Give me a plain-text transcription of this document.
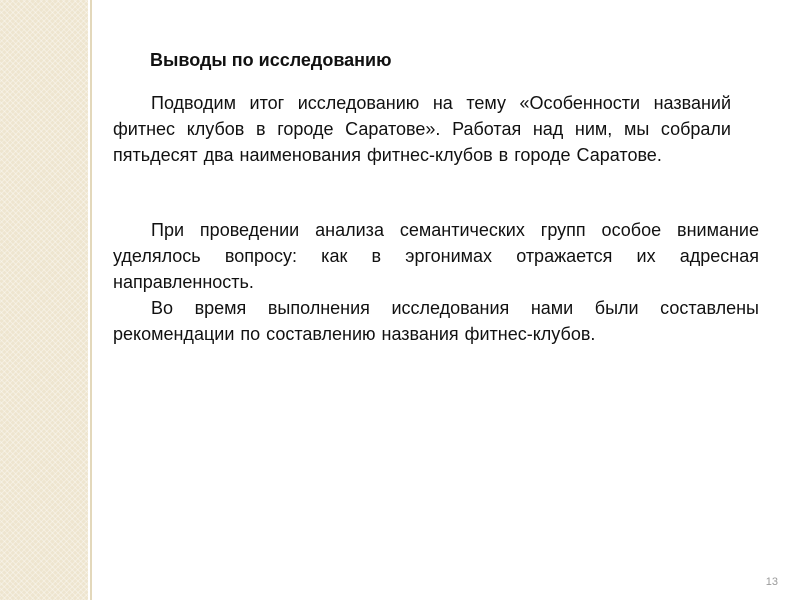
Выводы по исследованию

Подводим итог исследованию на тему «Особенности названий фитнес клубов в городе Саратове». Работая над ним, мы собрали пятьдесят два наименования фитнес-клубов в городе Саратове.

При проведении анализа семантических групп особое внимание уделялось вопросу: как в эргонимах отражается их адресная направленность.

Во время выполнения исследования нами были составлены рекомендации по составлению названия фитнес-клубов.

13
